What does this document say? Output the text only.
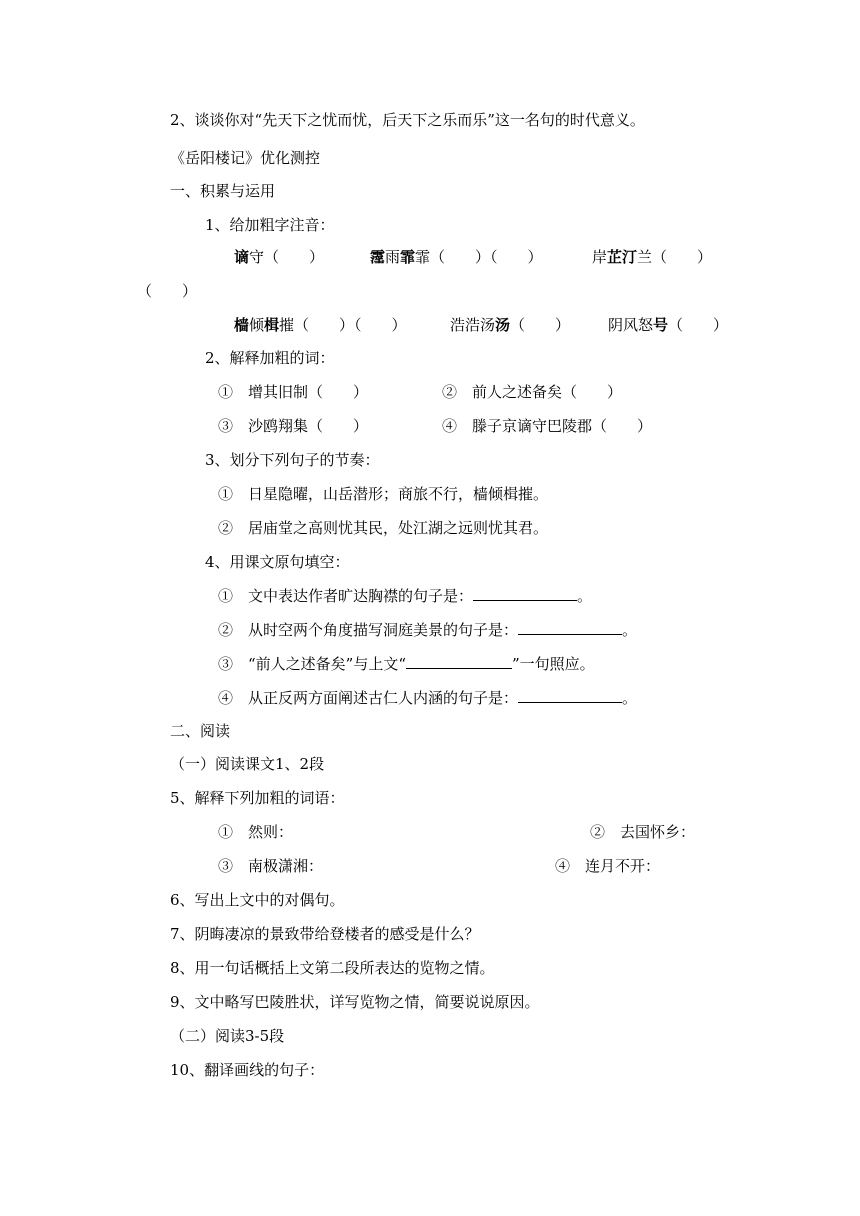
2、谈谈你对“先天下之忧而忧，后天下之乐而乐”这一名句的时代意义。
《岳阳楼记》优化测控
一、积累与运用
1、给加粗字注音：
谪守（　　）	霪雨霏霏（　　）（　　）	岸芷汀兰（　　）
（　　）
樯倾楫摧（　　）（　　）	浩浩汤汤（　　）	阴风怒号（　　）
2、解释加粗的词：
①　增其旧制（　　）	②　前人之述备矣（　　）
③　沙鸥翔集（　　）	④　滕子京谪守巴陵郡（　　）
3、划分下列句子的节奏：
①　日星隐曜，山岳潜形；商旅不行，樯倾楫摧。
②　居庙堂之高则忧其民，处江湖之远则忧其君。
4、用课文原句填空：
①　文中表达作者旷达胸襟的句子是：	。
②　从时空两个角度描写洞庭美景的句子是：	。
③　“前人之述备矣”与上文“	”一句照应。
④　从正反两方面阐述古仁人内涵的句子是：	。
二、阅读
（一）阅读课文1、2段
5、解释下列加粗的词语：
①　然则：	②　去国怀乡：
③　南极潇湘：	④　连月不开：
6、写出上文中的对偶句。
7、阴晦凄凉的景致带给登楼者的感受是什么？
8、用一句话概括上文第二段所表达的览物之情。
9、文中略写巴陵胜状，详写览物之情，简要说说原因。
（二）阅读3-5段
10、翻译画线的句子：
